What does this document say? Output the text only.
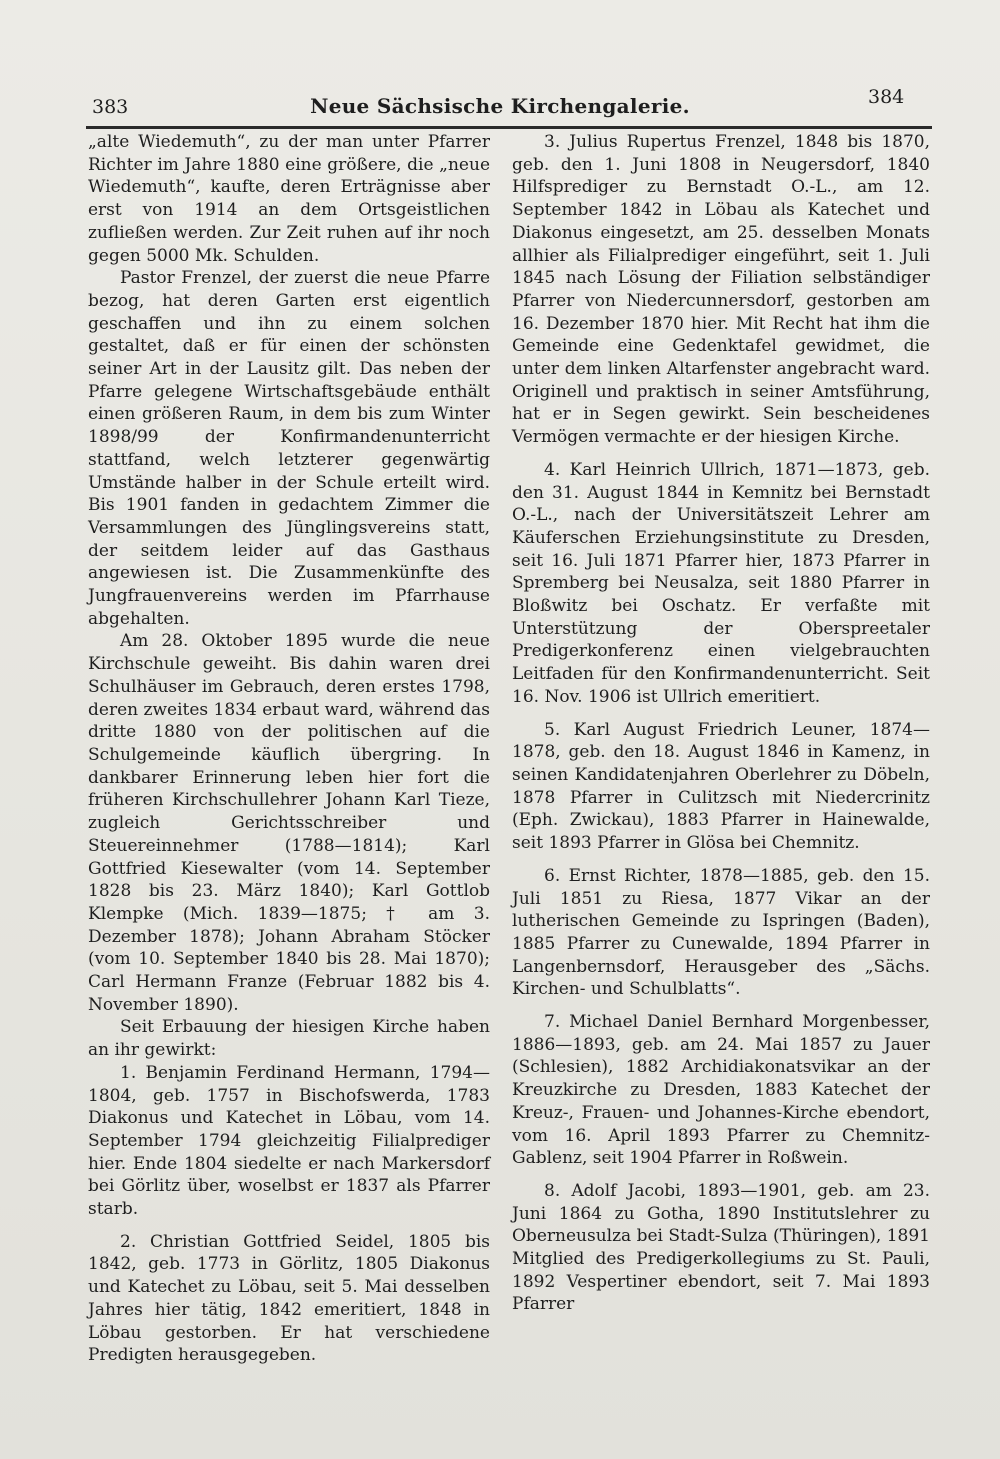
383	Neue Sächsische Kirchengalerie.	384

„alte Wiedemuth“, zu der man unter Pfarrer Richter im Jahre 1880 eine größere, die „neue Wiedemuth“, kaufte, deren Erträgnisse aber erst von 1914 an dem Ortsgeistlichen zufließen werden. Zur Zeit ruhen auf ihr noch gegen 5000 Mk. Schulden.

Pastor Frenzel, der zuerst die neue Pfarre bezog, hat deren Garten erst eigentlich geschaffen und ihn zu einem solchen gestaltet, daß er für einen der schönsten seiner Art in der Lausitz gilt. Das neben der Pfarre gelegene Wirtschaftsgebäude enthält einen größeren Raum, in dem bis zum Winter 1898/99 der Konfirmandenunterricht stattfand, welch letzterer gegenwärtig Umstände halber in der Schule erteilt wird. Bis 1901 fanden in gedachtem Zimmer die Versammlungen des Jünglingsvereins statt, der seitdem leider auf das Gasthaus angewiesen ist. Die Zusammenkünfte des Jungfrauenvereins werden im Pfarrhause abgehalten.

Am 28. Oktober 1895 wurde die neue Kirchschule geweiht. Bis dahin waren drei Schulhäuser im Gebrauch, deren erstes 1798, deren zweites 1834 erbaut ward, während das dritte 1880 von der politischen auf die Schulgemeinde käuflich übergring. In dankbarer Erinnerung leben hier fort die früheren Kirchschullehrer Johann Karl Tieze, zugleich Gerichtsschreiber und Steuereinnehmer (1788—1814); Karl Gottfried Kiesewalter (vom 14. September 1828 bis 23. März 1840); Karl Gottlob Klempke (Mich. 1839—1875; † am 3. Dezember 1878); Johann Abraham Stöcker (vom 10. September 1840 bis 28. Mai 1870); Carl Hermann Franze (Februar 1882 bis 4. November 1890).

Seit Erbauung der hiesigen Kirche haben an ihr gewirkt:

1. Benjamin Ferdinand Hermann, 1794—1804, geb. 1757 in Bischofswerda, 1783 Diakonus und Katechet in Löbau, vom 14. September 1794 gleichzeitig Filialprediger hier. Ende 1804 siedelte er nach Markersdorf bei Görlitz über, woselbst er 1837 als Pfarrer starb.

2. Christian Gottfried Seidel, 1805 bis 1842, geb. 1773 in Görlitz, 1805 Diakonus und Katechet zu Löbau, seit 5. Mai desselben Jahres hier tätig, 1842 emeritiert, 1848 in Löbau gestorben. Er hat verschiedene Predigten herausgegeben.

3. Julius Rupertus Frenzel, 1848 bis 1870, geb. den 1. Juni 1808 in Neugersdorf, 1840 Hilfsprediger zu Bernstadt O.-L., am 12. September 1842 in Löbau als Katechet und Diakonus eingesetzt, am 25. desselben Monats allhier als Filialprediger eingeführt, seit 1. Juli 1845 nach Lösung der Filiation selbständiger Pfarrer von Niedercunnersdorf, gestorben am 16. Dezember 1870 hier. Mit Recht hat ihm die Gemeinde eine Gedenktafel gewidmet, die unter dem linken Altarfenster angebracht ward. Originell und praktisch in seiner Amtsführung, hat er in Segen gewirkt. Sein bescheidenes Vermögen vermachte er der hiesigen Kirche.

4. Karl Heinrich Ullrich, 1871—1873, geb. den 31. August 1844 in Kemnitz bei Bernstadt O.-L., nach der Universitätszeit Lehrer am Käuferschen Erziehungsinstitute zu Dresden, seit 16. Juli 1871 Pfarrer hier, 1873 Pfarrer in Spremberg bei Neusalza, seit 1880 Pfarrer in Bloßwitz bei Oschatz. Er verfaßte mit Unterstützung der Oberspreetaler Predigerkonferenz einen vielgebrauchten Leitfaden für den Konfirmandenunterricht. Seit 16. Nov. 1906 ist Ullrich emeritiert.

5. Karl August Friedrich Leuner, 1874—1878, geb. den 18. August 1846 in Kamenz, in seinen Kandidatenjahren Oberlehrer zu Döbeln, 1878 Pfarrer in Culitzsch mit Niedercrinitz (Eph. Zwickau), 1883 Pfarrer in Hainewalde, seit 1893 Pfarrer in Glösa bei Chemnitz.

6. Ernst Richter, 1878—1885, geb. den 15. Juli 1851 zu Riesa, 1877 Vikar an der lutherischen Gemeinde zu Ispringen (Baden), 1885 Pfarrer zu Cunewalde, 1894 Pfarrer in Langenbernsdorf, Herausgeber des „Sächs. Kirchen- und Schulblatts“.

7. Michael Daniel Bernhard Morgenbesser, 1886—1893, geb. am 24. Mai 1857 zu Jauer (Schlesien), 1882 Archidiakonatsvikar an der Kreuzkirche zu Dresden, 1883 Katechet der Kreuz-, Frauen- und Johannes-Kirche ebendort, vom 16. April 1893 Pfarrer zu Chemnitz-Gablenz, seit 1904 Pfarrer in Roßwein.

8. Adolf Jacobi, 1893—1901, geb. am 23. Juni 1864 zu Gotha, 1890 Institutslehrer zu Oberneusulza bei Stadt-Sulza (Thüringen), 1891 Mitglied des Predigerkollegiums zu St. Pauli, 1892 Vespertiner ebendort, seit 7. Mai 1893 Pfarrer
